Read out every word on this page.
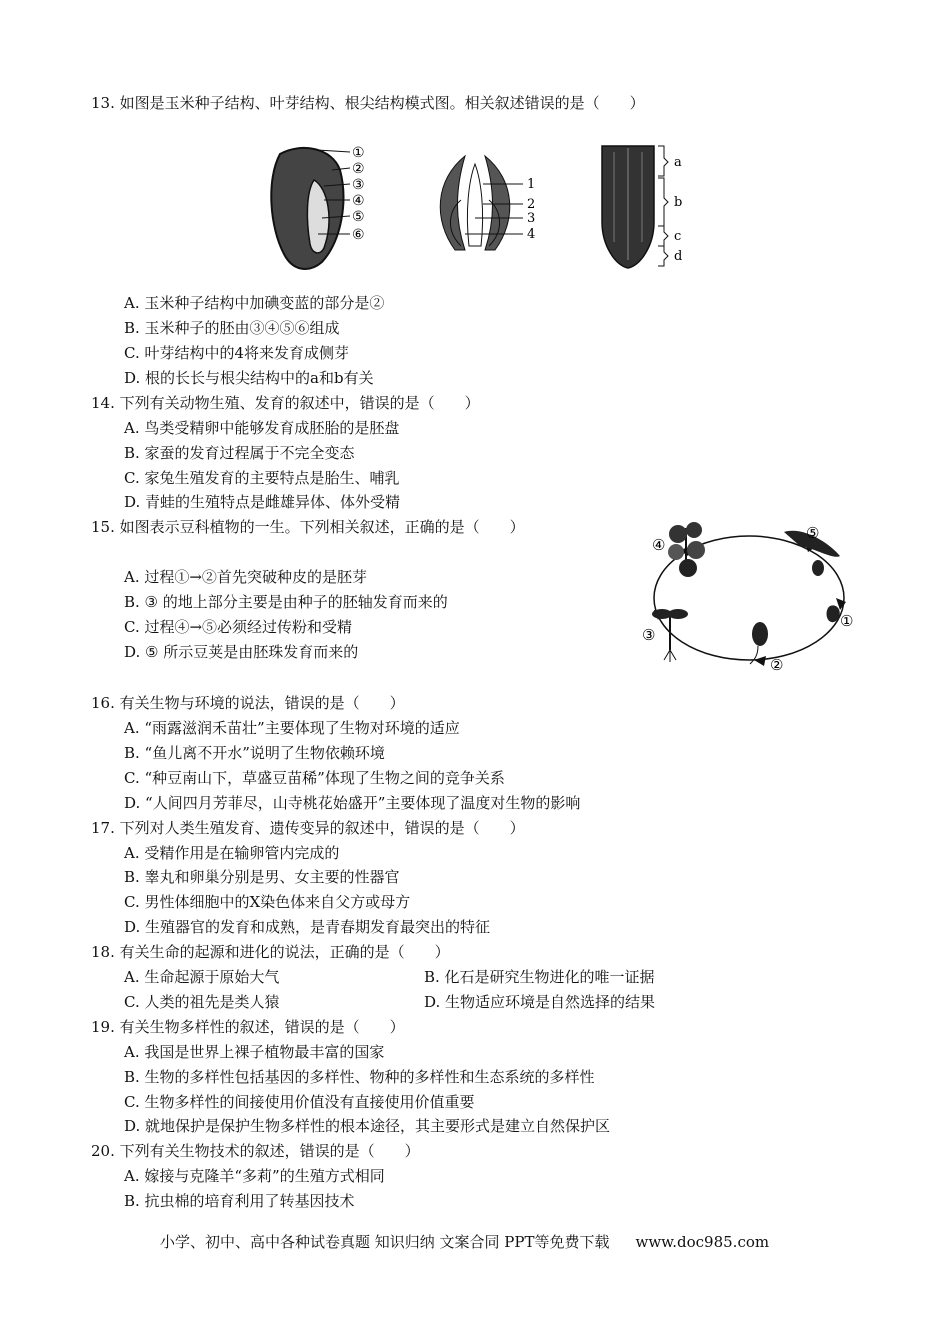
13. 如图是玉米种子结构、叶芽结构、根尖结构模式图。相关叙述错误的是（　　）
①
②
③
④
⑤
⑥
1
2
3
4
a
b
c
d
A. 玉米种子结构中加碘变蓝的部分是②
B. 玉米种子的胚由③④⑤⑥组成
C. 叶芽结构中的4将来发育成侧芽
D. 根的长长与根尖结构中的a和b有关
14. 下列有关动物生殖、发育的叙述中，错误的是（　　）
A. 鸟类受精卵中能够发育成胚胎的是胚盘
B. 家蚕的发育过程属于不完全变态
C. 家兔生殖发育的主要特点是胎生、哺乳
D. 青蛙的生殖特点是雌雄异体、体外受精
15. 如图表示豆科植物的一生。下列相关叙述，正确的是（　　）
A. 过程①→②首先突破种皮的是胚芽
B. ③ 的地上部分主要是由种子的胚轴发育而来的
C. 过程④→⑤必须经过传粉和受精
D. ⑤ 所示豆荚是由胚珠发育而来的
④
⑤
①
②
③
16. 有关生物与环境的说法，错误的是（　　）
A. “雨露滋润禾苗壮”主要体现了生物对环境的适应
B. “鱼儿离不开水”说明了生物依赖环境
C. “种豆南山下，草盛豆苗稀”体现了生物之间的竞争关系
D. “人间四月芳菲尽，山寺桃花始盛开”主要体现了温度对生物的影响
17. 下列对人类生殖发育、遗传变异的叙述中，错误的是（　　）
A. 受精作用是在输卵管内完成的
B. 睾丸和卵巢分别是男、女主要的性器官
C. 男性体细胞中的X染色体来自父方或母方
D. 生殖器官的发育和成熟，是青春期发育最突出的特征
18. 有关生命的起源和进化的说法，正确的是（　　）
A. 生命起源于原始大气	B. 化石是研究生物进化的唯一证据
C. 人类的祖先是类人猿	D. 生物适应环境是自然选择的结果
19. 有关生物多样性的叙述，错误的是（　　）
A. 我国是世界上裸子植物最丰富的国家
B. 生物的多样性包括基因的多样性、物种的多样性和生态系统的多样性
C. 生物多样性的间接使用价值没有直接使用价值重要
D. 就地保护是保护生物多样性的根本途径，其主要形式是建立自然保护区
20. 下列有关生物技术的叙述，错误的是（　　）
A. 嫁接与克隆羊“多莉”的生殖方式相同
B. 抗虫棉的培育利用了转基因技术
小学、初中、高中各种试卷真题 知识归纳 文案合同 PPT等免费下载 www.doc985.com
